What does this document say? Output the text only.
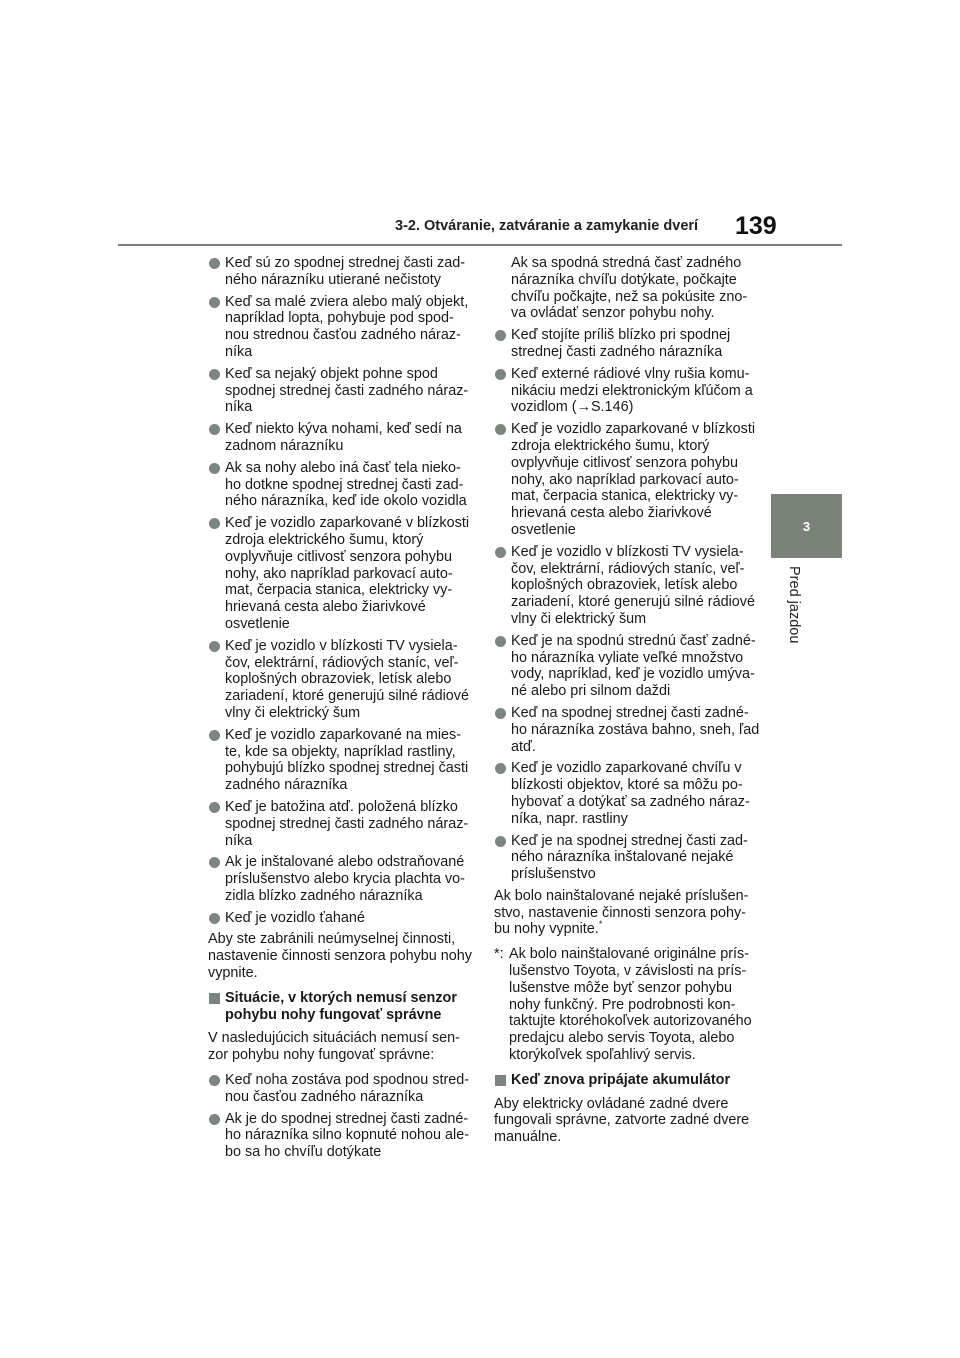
3-2. Otváranie, zatváranie a zamykanie dverí 139
3
Pred jazdou
Keď sú zo spodnej strednej časti zad- ného nárazníku utierané nečistoty
Keď sa malé zviera alebo malý objekt, napríklad lopta, pohybuje pod spod- nou strednou časťou zadného náraz- níka
Keď sa nejaký objekt pohne spod spodnej strednej časti zadného náraz- níka
Keď niekto kýva nohami, keď sedí na zadnom nárazníku
Ak sa nohy alebo iná časť tela nieko- ho dotkne spodnej strednej časti zad- ného nárazníka, keď ide okolo vozidla
Keď je vozidlo zaparkované v blízkosti zdroja elektrického šumu, ktorý ovplyvňuje citlivosť senzora pohybu nohy, ako napríklad parkovací auto- mat, čerpacia stanica, elektricky vy- hrievaná cesta alebo žiarivkové osvetlenie
Keď je vozidlo v blízkosti TV vysiela- čov, elektrární, rádiových staníc, veľ- koplošných obrazoviek, letísk alebo zariadení, ktoré generujú silné rádiové vlny či elektrický šum
Keď je vozidlo zaparkované na mies- te, kde sa objekty, napríklad rastliny, pohybujú blízko spodnej strednej časti zadného nárazníka
Keď je batožina atď. položená blízko spodnej strednej časti zadného náraz- níka
Ak je inštalované alebo odstraňované príslušenstvo alebo krycia plachta vo- zidla blízko zadného nárazníka
Keď je vozidlo ťahané

Aby ste zabránili neúmyselnej činnosti, nastavenie činnosti senzora pohybu nohy vypnite.

Situácie, v ktorých nemusí senzor pohybu nohy fungovať správne

V nasledujúcich situáciách nemusí sen- zor pohybu nohy fungovať správne:

Keď noha zostáva pod spodnou stred- nou časťou zadného nárazníka
Ak je do spodnej strednej časti zadné- ho nárazníka silno kopnuté nohou ale- bo sa ho chvíľu dotýkate
Ak sa spodná stredná časť zadného nárazníka chvíľu dotýkate, počkajte chvíľu počkajte, než sa pokúsite zno- va ovládať senzor pohybu nohy.
Keď stojíte príliš blízko pri spodnej strednej časti zadného nárazníka
Keď externé rádiové vlny rušia komu- nikáciu medzi elektronickým kľúčom a vozidlom (→S.146)
Keď je vozidlo zaparkované v blízkosti zdroja elektrického šumu, ktorý ovplyvňuje citlivosť senzora pohybu nohy, ako napríklad parkovací auto- mat, čerpacia stanica, elektricky vy- hrievaná cesta alebo žiarivkové osvetlenie
Keď je vozidlo v blízkosti TV vysiela- čov, elektrární, rádiových staníc, veľ- koplošných obrazoviek, letísk alebo zariadení, ktoré generujú silné rádiové vlny či elektrický šum
Keď je na spodnú strednú časť zadné- ho nárazníka vyliate veľké množstvo vody, napríklad, keď je vozidlo umýva- né alebo pri silnom daždi
Keď na spodnej strednej časti zadné- ho nárazníka zostáva bahno, sneh, ľad atď.
Keď je vozidlo zaparkované chvíľu v blízkosti objektov, ktoré sa môžu po- hybovať a dotýkať sa zadného náraz- níka, napr. rastliny
Keď je na spodnej strednej časti zad- ného nárazníka inštalované nejaké príslušenstvo

Ak bolo nainštalované nejaké príslušen- stvo, nastavenie činnosti senzora pohy- bu nohy vypnite.*

*: Ak bolo nainštalované originálne prís- lušenstvo Toyota, v závislosti na prís- lušenstve môže byť senzor pohybu nohy funkčný. Pre podrobnosti kon- taktujte ktoréhokoľvek autorizovaného predajcu alebo servis Toyota, alebo ktorýkoľvek spoľahlivý servis.
Keď znova pripájate akumulátor

Aby elektricky ovládané zadné dvere fungovali správne, zatvorte zadné dvere manuálne.
